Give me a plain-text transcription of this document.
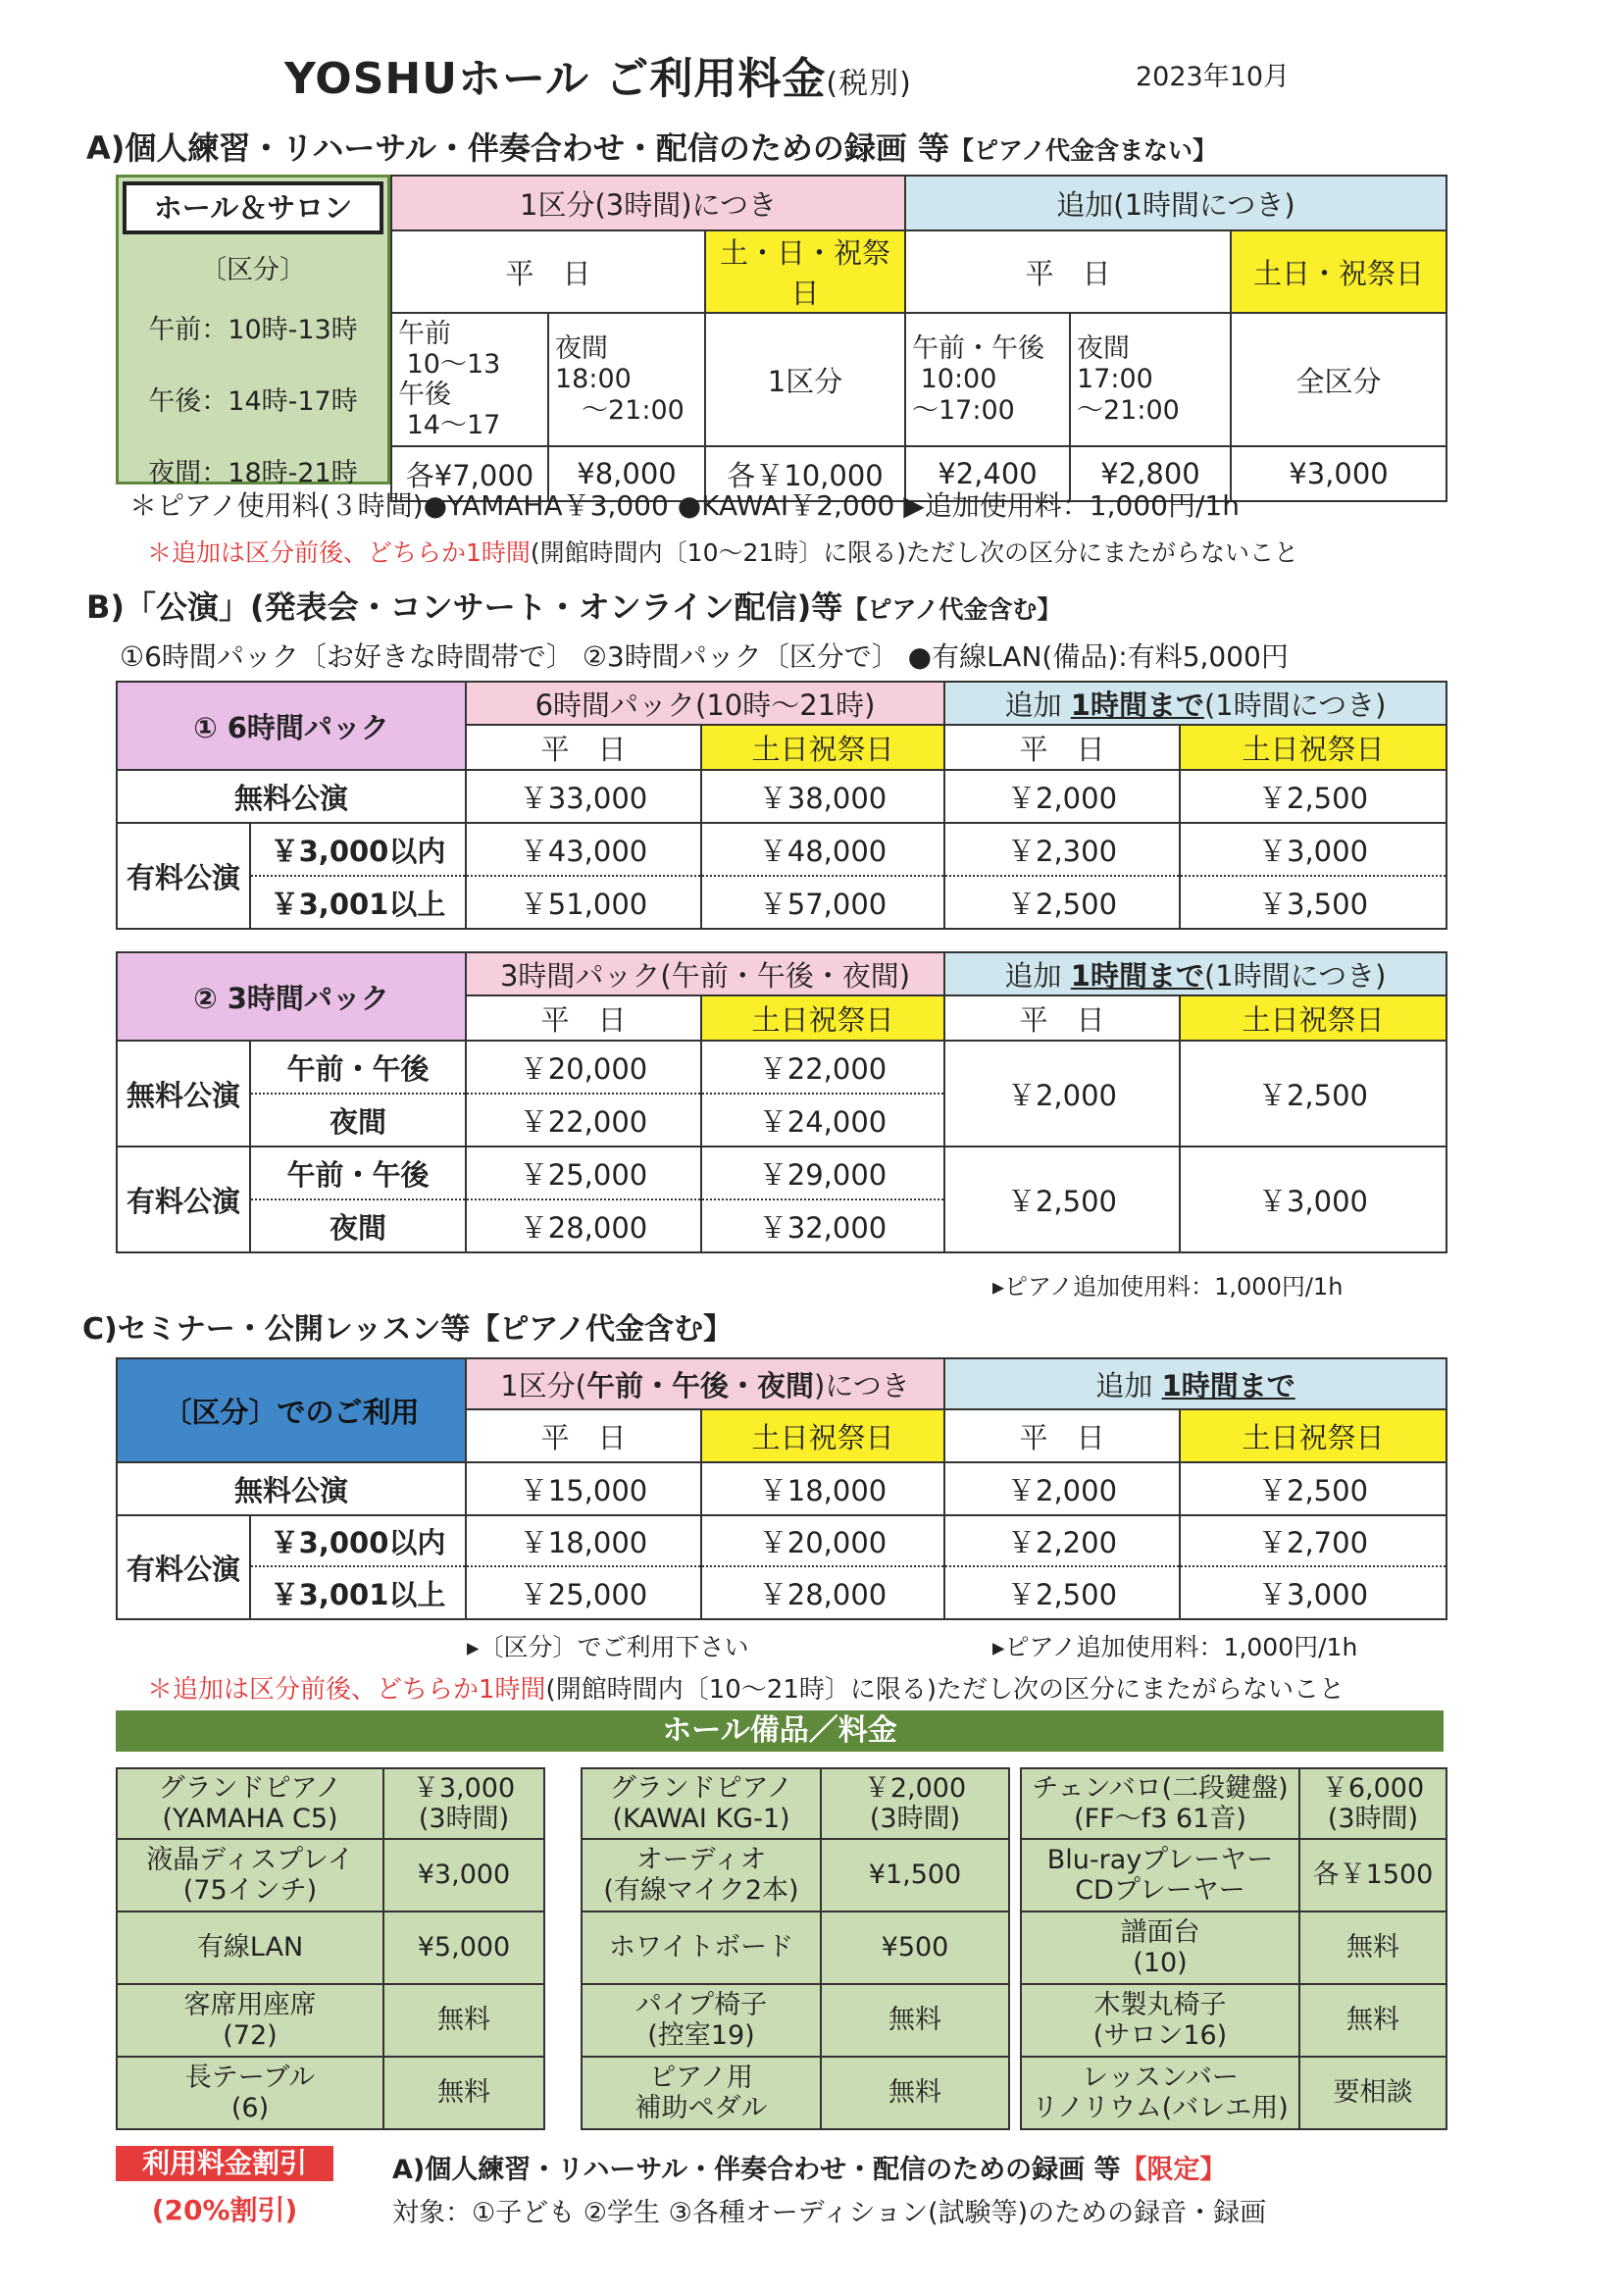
YOSHUホール ご利用料金(税別)	2023年10月
A)個人練習・リハーサル・伴奏合わせ・配信のための録画 等【ピアノ代金含まない】
ホール＆サロン
〔区分〕
午前：10時-13時
午後：14時-17時
夜間：18時-21時
1区分(3時間)につき			追加(1時間につき)		
平　日		土・日・祝祭日	平　日		土日・祝祭日
午前
10〜13
午後
14〜17	夜間
18:00
　〜21:00	1区分	午前・午後
10:00
〜17:00	夜間
17:00
〜21:00	全区分
各¥7,000	¥8,000	各￥10,000	¥2,400	¥2,800	¥3,000
＊ピアノ使用料(３時間)●YAMAHA￥3,000 ●KAWAI￥2,000 ▶追加使用料：1,000円/1h
＊追加は区分前後、どちらか1時間(開館時間内〔10〜21時〕に限る)ただし次の区分にまたがらないこと
B)「公演」(発表会・コンサート・オンライン配信)等【ピアノ代金含む】
①6時間パック〔お好きな時間帯で〕 ②3時間パック〔区分で〕 ●有線LAN(備品):有料5,000円
① 6時間パック		6時間パック(10時〜21時)		追加 1時間まで(1時間につき)	
		平　日	土日祝祭日	平　日	土日祝祭日
無料公演		￥33,000	￥38,000	￥2,000	￥2,500
有料公演	￥3,000以内	￥43,000	￥48,000	￥2,300	￥3,000
	￥3,001以上	￥51,000	￥57,000	￥2,500	￥3,500
② 3時間パック		3時間パック(午前・午後・夜間)		追加 1時間まで(1時間につき)	
		平　日	土日祝祭日	平　日	土日祝祭日
無料公演	午前・午後	￥20,000	￥22,000	￥2,000	￥2,500
	夜間	￥22,000	￥24,000		
有料公演	午前・午後	￥25,000	￥29,000	￥2,500	￥3,000
	夜間	￥28,000	￥32,000		
▸ピアノ追加使用料：1,000円/1h
C)セミナー・公開レッスン等【ピアノ代金含む】
〔区分〕でのご利用		1区分(午前・午後・夜間)につき		追加 1時間まで	
		平　日	土日祝祭日	平　日	土日祝祭日
無料公演		￥15,000	￥18,000	￥2,000	￥2,500
有料公演	￥3,000以内	￥18,000	￥20,000	￥2,200	￥2,700
	￥3,001以上	￥25,000	￥28,000	￥2,500	￥3,000
▸〔区分〕でご利用下さい	▸ピアノ追加使用料：1,000円/1h
＊追加は区分前後、どちらか1時間(開館時間内〔10〜21時〕に限る)ただし次の区分にまたがらないこと
ホール備品／料金
グランドピアノ
(YAMAHA C5)	￥3,000
(3時間)
液晶ディスプレイ
(75インチ)	¥3,000
有線LAN	¥5,000
客席用座席
(72)	無料
長テーブル
(6)	無料
グランドピアノ
(KAWAI KG-1)	￥2,000
(3時間)
オーディオ
(有線マイク2本)	¥1,500
ホワイトボード	¥500
パイプ椅子
(控室19)	無料
ピアノ用
補助ペダル	無料
チェンバロ(二段鍵盤)
(FF〜f3 61音)	￥6,000
(3時間)
Blu-rayプレーヤー
CDプレーヤー	各￥1500
譜面台
(10)	無料
木製丸椅子
(サロン16)	無料
レッスンバー
リノリウム(バレエ用)	要相談
利用料金割引
(20%割引)
A)個人練習・リハーサル・伴奏合わせ・配信のための録画 等【限定】
対象：①子ども ②学生 ③各種オーディション(試験等)のための録音・録画
